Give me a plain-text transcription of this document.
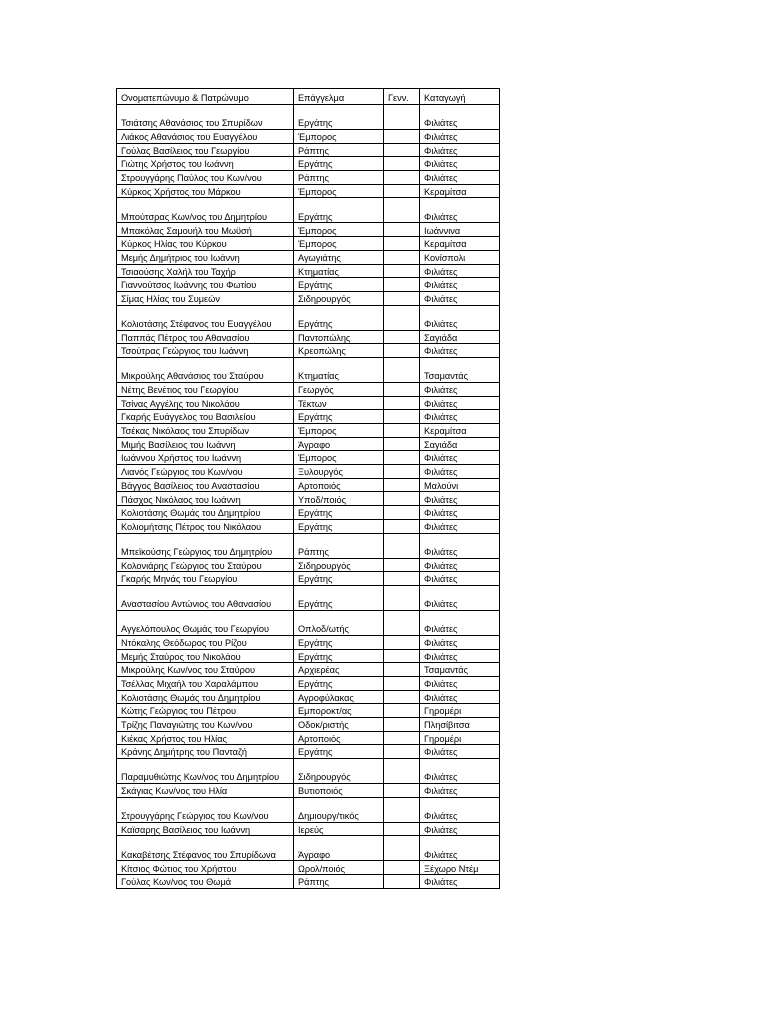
Ονοματεπώνυμο & Πατρώνυμο	Επάγγελμα	Γενν.	Καταγωγή
Τσιάτσης Αθανάσιος του Σπυρίδων	Εργάτης		Φιλιάτες
Λιάκος Αθανάσιος του Ευαγγέλου	Έμπορος		Φιλιάτες
Γούλας Βασίλειος του Γεωργίου	Ράπτης		Φιλιάτες
Γιώτης Χρήστος του Ιωάννη	Εργάτης		Φιλιάτες
Στρουγγάρης Παύλος του Κων/νου	Ράπτης		Φιλιάτες
Κύρκος Χρήστος του Μάρκου	Έμπορος		Κεραμίτσα
Μπούτσρας Κων/νος του Δημητρίου	Εργάτης		Φιλιάτες
Μπακόλας Σαμουήλ του Μωϋσή	Έμπορος		Ιωάννινα
Κύρκος Ηλίας του Κύρκου	Έμπορος		Κεραμίτσα
Μεμής Δημήτριος του Ιωάννη	Αγωγιάτης		Κονίσπολι
Τσιαούσης Χαλήλ του Ταχήρ	Κτηματίας		Φιλιάτες
Γιαννούτσος Ιωάννης του Φωτίου	Εργάτης		Φιλιάτες
Σίμας Ηλίας του Συμεών	Σιδηρουργός		Φιλιάτες
Κολιοτάσης Στέφανος του Ευαγγέλου	Εργάτης		Φιλιάτες
Παππάς Πέτρος του Αθανασίου	Παντοπώλης		Σαγιάδα
Τσούτρας Γεώργιος του Ιωάννη	Κρεοπώλης		Φιλιάτες
Μικρούλης Αθανάσιος του Σταύρου	Κτηματίας		Τσαμαντάς
Νέτης Βενέτιος του Γεωργίου	Γεωργός		Φιλιάτες
Τσίνας Αγγέλης του Νικολάου	Τέκτων		Φιλιάτες
Γκαρής Ευάγγελος του Βασιλείου	Εργάτης		Φιλιάτες
Τσέκας Νικόλαος του Σπυρίδων	Έμπορος		Κεραμίτσα
Μιμής Βασίλειος του Ιωάννη	Άγραφο		Σαγιάδα
Ιωάννου Χρήστος του Ιωάννη	Έμπορος		Φιλιάτες
Λιανός Γεώργιος του Κων/νου	Ξυλουργός		Φιλιάτες
Βάγγος Βασίλειος του Αναστασίου	Αρτοποιός		Μαλούνι
Πάσχος Νικόλαος του Ιωάννη	Υποδ/ποιός		Φιλιάτες
Κολιοτάσης Θωμάς του Δημητρίου	Εργάτης		Φιλιάτες
Κολιομήτσης Πέτρος του Νικόλαου	Εργάτης		Φιλιάτες
Μπεϊκούσης Γεώργιος του Δημητρίου	Ράπτης		Φιλιάτες
Κολονιάρης Γεώργιος του Σταύρου	Σιδηρουργός		Φιλιάτες
Γκαρής Μηνάς του Γεωργίου	Εργάτης		Φιλιάτες
Αναστασίου Αντώνιος του Αθανασίου	Εργάτης		Φιλιάτες
Αγγελόπουλος Θωμάς του Γεωργίου	Οπλοδ/ωτής		Φιλιάτες
Ντόκαλης Θεόδωρος του Ρίζου	Εργάτης		Φιλιάτες
Μεμής Σταύρος του Νικολάου	Εργάτης		Φιλιάτες
Μικρούλης Κων/νος του Σταύρου	Αρχιερέας		Τσαμαντάς
Τσέλλας Μιχαήλ του Χαραλάμπου	Εργάτης		Φιλιάτες
Κολιοτάσης Θωμάς του Δημητρίου	Αγροφύλακας		Φιλιάτες
Κώτης Γεώργιος του Πέτρου	Εμποροκτ/ας		Γηρομέρι
Τρίζης Παναγιώτης του Κων/νου	Οδοκ/ριστής		Πλησίβιτσα
Κιέκας Χρήστος του Ηλίας	Αρτοποιός		Γηρομέρι
Κράνης Δημήτρης του Πανταζή	Εργάτης		Φιλιάτες
Παραμυθιώτης Κων/νος του Δημητρίου	Σιδηρουργός		Φιλιάτες
Σκάγιας Κων/νος του Ηλία	Βυτιοποιός		Φιλιάτες
Στρουγγάρης Γεώργιος του Κων/νου	Δημιουργ/τικός		Φιλιάτες
Καϊσαρης Βασίλειος του Ιωάννη	Ιερεύς		Φιλιάτες
Κακαβέτσης Στέφανος του Σπυρίδωνα	Άγραφο		Φιλιάτες
Κίτσιος Φώτιος του Χρήστου	Ωρολ/ποιός		Ξέχωρο Ντέμ
Γούλας Κων/νος του Θωμά	Ράπτης		Φιλιάτες
